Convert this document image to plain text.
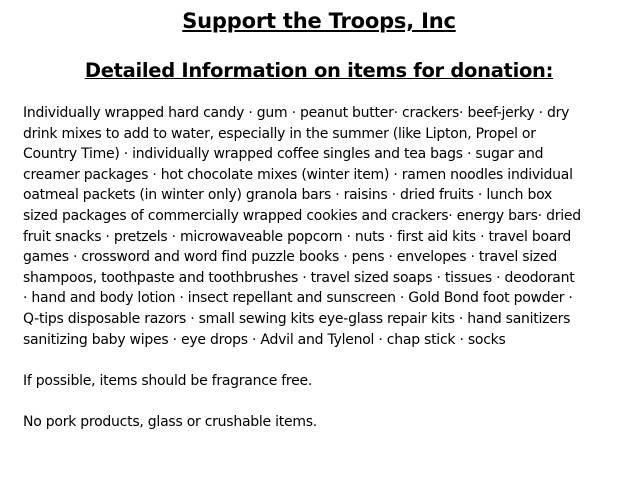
Support the Troops, Inc
Detailed Information on items for donation:
Individually wrapped hard candy · gum · peanut butter· crackers· beef-jerky · dry
drink mixes to add to water, especially in the summer (like Lipton, Propel or
Country Time) · individually wrapped coffee singles and tea bags · sugar and
creamer packages · hot chocolate mixes (winter item) · ramen noodles individual
oatmeal packets (in winter only) granola bars · raisins · dried fruits · lunch box
sized packages of commercially wrapped cookies and crackers· energy bars· dried
fruit snacks · pretzels · microwaveable popcorn · nuts · first aid kits · travel board
games · crossword and word find puzzle books · pens · envelopes · travel sized
shampoos, toothpaste and toothbrushes · travel sized soaps · tissues · deodorant
· hand and body lotion · insect repellant and sunscreen · Gold Bond foot powder ·
Q-tips disposable razors · small sewing kits eye-glass repair kits · hand sanitizers
sanitizing baby wipes · eye drops · Advil and Tylenol · chap stick · socks
If possible, items should be fragrance free.
No pork products, glass or crushable items.
